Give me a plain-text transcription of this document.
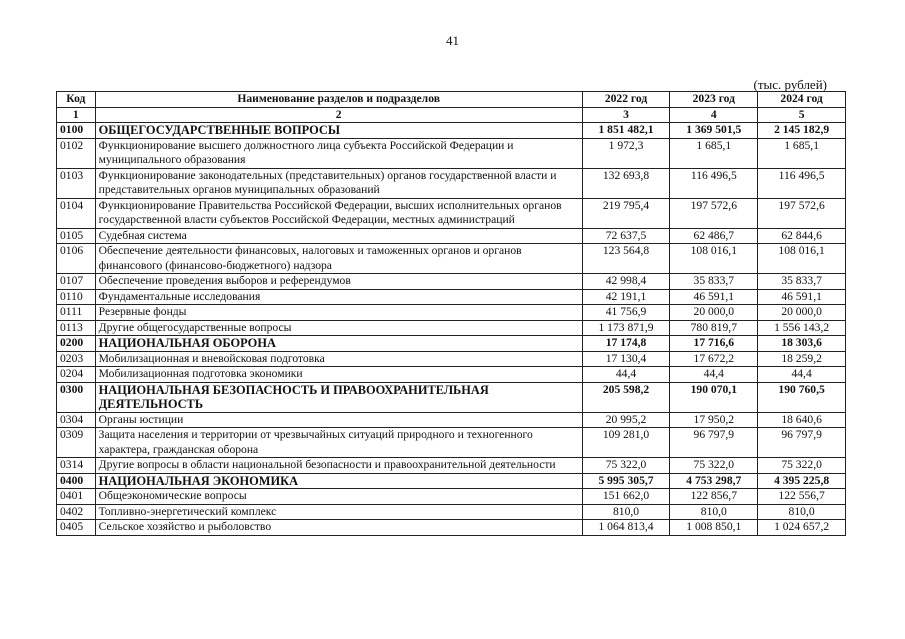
41
(тыс. рублей)
Код	Наименование разделов и подразделов	2022 год	2023 год	2024 год
1	2	3	4	5
0100	ОБЩЕГОСУДАРСТВЕННЫЕ ВОПРОСЫ	1 851 482,1	1 369 501,5	2 145 182,9
0102	Функционирование высшего должностного лица субъекта Российской Федерации и муниципального образования	1 972,3	1 685,1	1 685,1
0103	Функционирование законодательных (представительных) органов государственной власти и представительных органов муниципальных образований	132 693,8	116 496,5	116 496,5
0104	Функционирование Правительства Российской Федерации, высших исполнительных органов государственной власти субъектов Российской Федерации, местных администраций	219 795,4	197 572,6	197 572,6
0105	Судебная система	72 637,5	62 486,7	62 844,6
0106	Обеспечение деятельности финансовых, налоговых и таможенных органов и органов финансового (финансово-бюджетного) надзора	123 564,8	108 016,1	108 016,1
0107	Обеспечение проведения выборов и референдумов	42 998,4	35 833,7	35 833,7
0110	Фундаментальные исследования	42 191,1	46 591,1	46 591,1
0111	Резервные фонды	41 756,9	20 000,0	20 000,0
0113	Другие общегосударственные вопросы	1 173 871,9	780 819,7	1 556 143,2
0200	НАЦИОНАЛЬНАЯ ОБОРОНА	17 174,8	17 716,6	18 303,6
0203	Мобилизационная и вневойсковая подготовка	17 130,4	17 672,2	18 259,2
0204	Мобилизационная подготовка экономики	44,4	44,4	44,4
0300	НАЦИОНАЛЬНАЯ БЕЗОПАСНОСТЬ И ПРАВООХРАНИТЕЛЬНАЯ ДЕЯТЕЛЬНОСТЬ	205 598,2	190 070,1	190 760,5
0304	Органы юстиции	20 995,2	17 950,2	18 640,6
0309	Защита населения и территории от чрезвычайных ситуаций природного и техногенного характера, гражданская оборона	109 281,0	96 797,9	96 797,9
0314	Другие вопросы в области национальной безопасности и правоохранительной деятельности	75 322,0	75 322,0	75 322,0
0400	НАЦИОНАЛЬНАЯ ЭКОНОМИКА	5 995 305,7	4 753 298,7	4 395 225,8
0401	Общеэкономические вопросы	151 662,0	122 856,7	122 556,7
0402	Топливно-энергетический комплекс	810,0	810,0	810,0
0405	Сельское хозяйство и рыболовство	1 064 813,4	1 008 850,1	1 024 657,2
